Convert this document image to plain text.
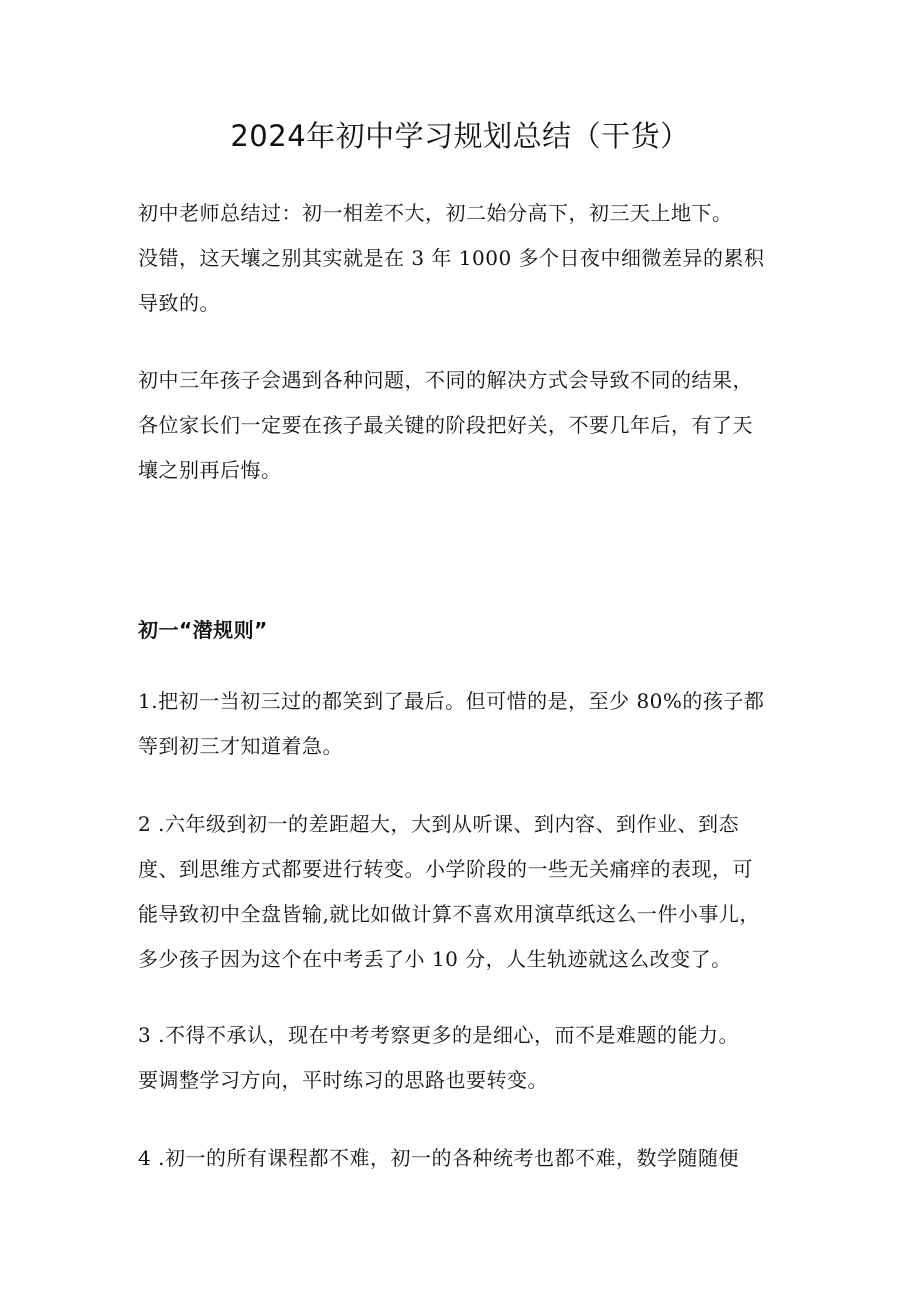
2024年初中学习规划总结（干货）

初中老师总结过：初一相差不大，初二始分高下，初三天上地下。
没错，这天壤之别其实就是在 3 年 1000 多个日夜中细微差异的累积
导致的。

初中三年孩子会遇到各种问题，不同的解决方式会导致不同的结果，
各位家长们一定要在孩子最关键的阶段把好关，不要几年后，有了天
壤之别再后悔。

初一“潜规则”

1.把初一当初三过的都笑到了最后。但可惜的是，至少 80%的孩子都
等到初三才知道着急。

2 .六年级到初一的差距超大，大到从听课、到内容、到作业、到态
度、到思维方式都要进行转变。小学阶段的一些无关痛痒的表现，可
能导致初中全盘皆输,就比如做计算不喜欢用演草纸这么一件小事儿，
多少孩子因为这个在中考丢了小 10 分，人生轨迹就这么改变了。

3 .不得不承认，现在中考考察更多的是细心，而不是难题的能力。
要调整学习方向，平时练习的思路也要转变。

4 .初一的所有课程都不难，初一的各种统考也都不难，数学随随便
